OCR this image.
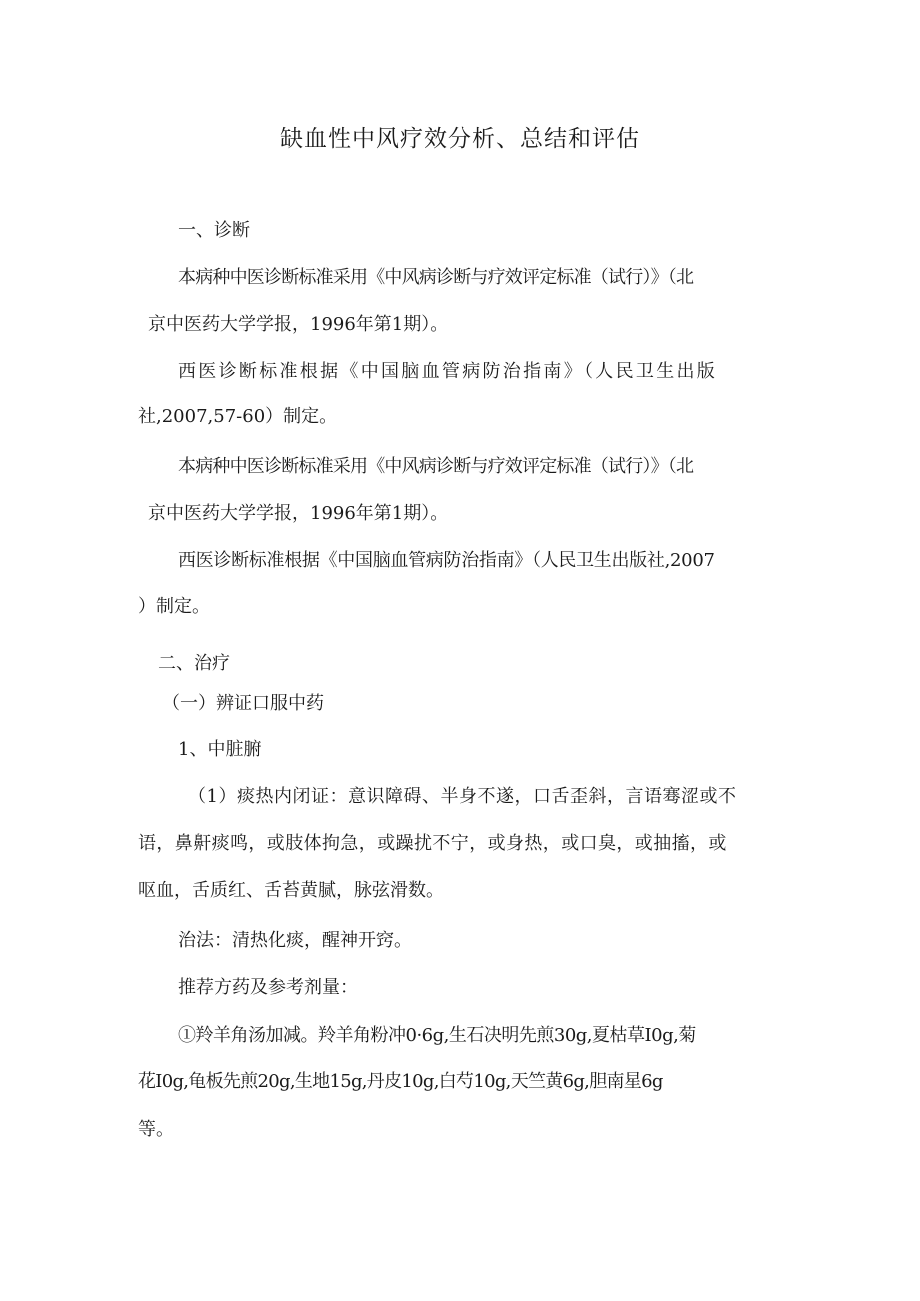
缺血性中风疗效分析、总结和评估
一、诊断
本病种中医诊断标准采用《中风病诊断与疗效评定标准（试行）》（北
京中医药大学学报，1996年第1期）。
西医诊断标准根据《中国脑血管病防治指南》（人民卫生出版
社,2007,57-60）制定。
本病种中医诊断标准采用《中风病诊断与疗效评定标准（试行）》（北
京中医药大学学报，1996年第1期）。
西医诊断标准根据《中国脑血管病防治指南》（人民卫生出版社,2007
）制定。
二、治疗
（一）辨证口服中药
1、中脏腑
（1）痰热内闭证：意识障碍、半身不遂，口舌歪斜，言语骞涩或不
语，鼻鼾痰鸣，或肢体拘急，或躁扰不宁，或身热，或口臭，或抽搐，或
呕血，舌质红、舌苔黄腻，脉弦滑数。
治法：清热化痰，醒神开窍。
推荐方药及参考剂量：
①羚羊角汤加减。羚羊角粉冲0·6g,生石决明先煎30g,夏枯草I0g,菊
花I0g,龟板先煎20g,生地15g,丹皮10g,白芍10g,天竺黄6g,胆南星6g
等。
